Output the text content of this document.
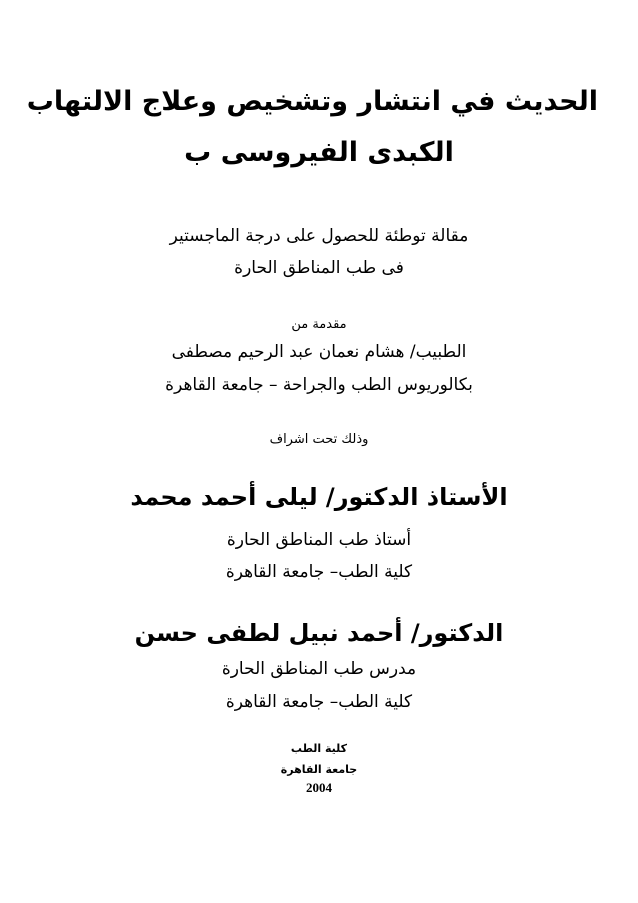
الحديث في انتشار وتشخيص وعلاج الالتهاب
الكبدى الفيروسى ب
مقالة توطئة للحصول على درجة الماجستير
فى طب المناطق الحارة
مقدمة من
الطبيب/ هشام نعمان عبد الرحيم مصطفى
بكالوريوس الطب والجراحة – جامعة القاهرة
وذلك تحت اشراف
الأستاذ الدكتور/ ليلى أحمد محمد
أستاذ طب المناطق الحارة
كلية الطب– جامعة القاهرة
الدكتور/ أحمد نبيل لطفى حسن
مدرس طب المناطق الحارة
كلية الطب– جامعة القاهرة
كلية الطب
جامعة القاهرة
2004
